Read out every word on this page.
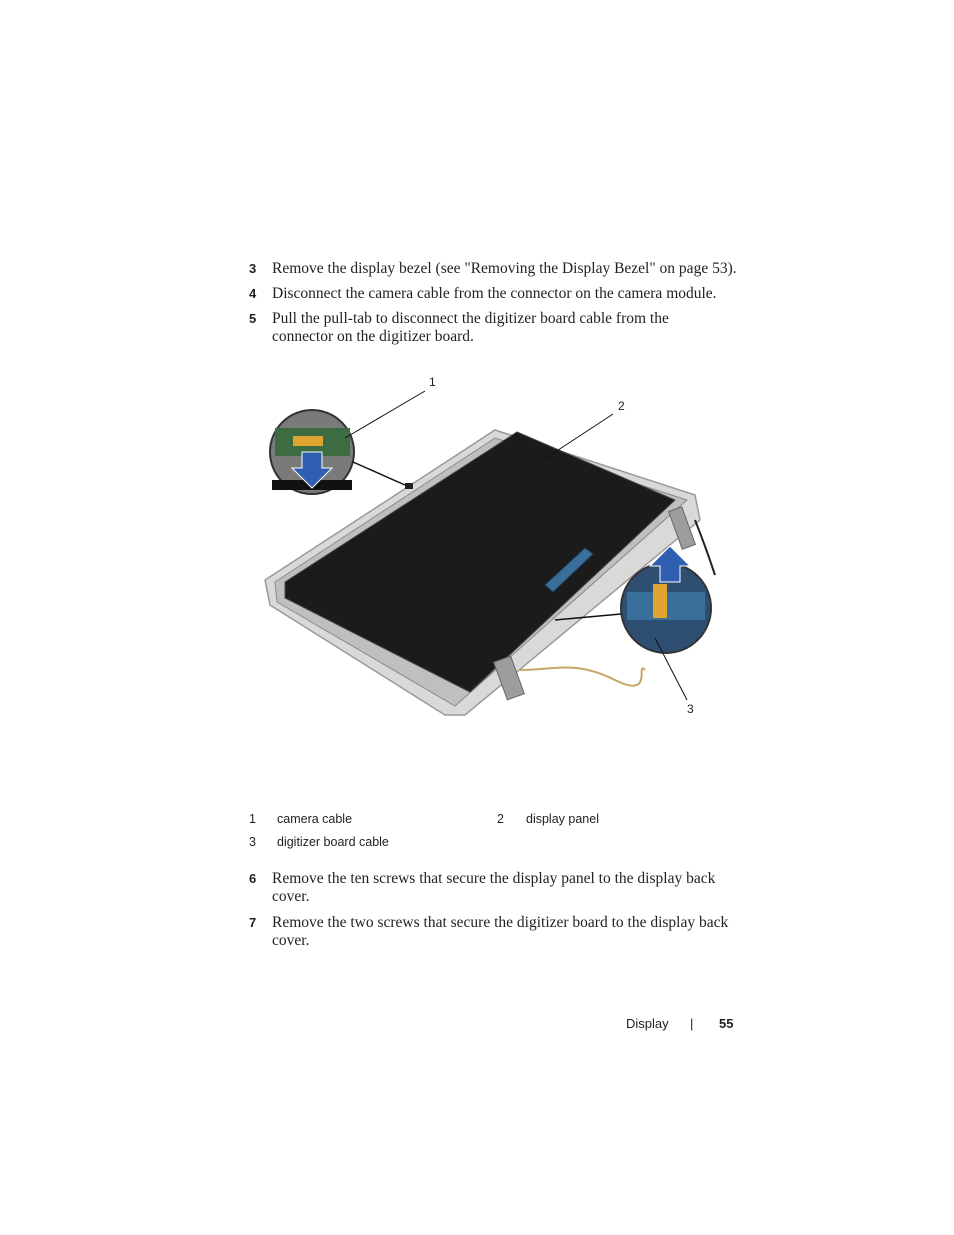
3 Remove the display bezel (see "Removing the Display Bezel" on page 53).
4 Disconnect the camera cable from the connector on the camera module.
5 Pull the pull-tab to disconnect the digitizer board cable from the connector on the digitizer board.
1
2
3
1 camera cable	2 display panel
3 digitizer board cable
6 Remove the ten screws that secure the display panel to the display back cover.
7 Remove the two screws that secure the digitizer board to the display back cover.
Display | 55
